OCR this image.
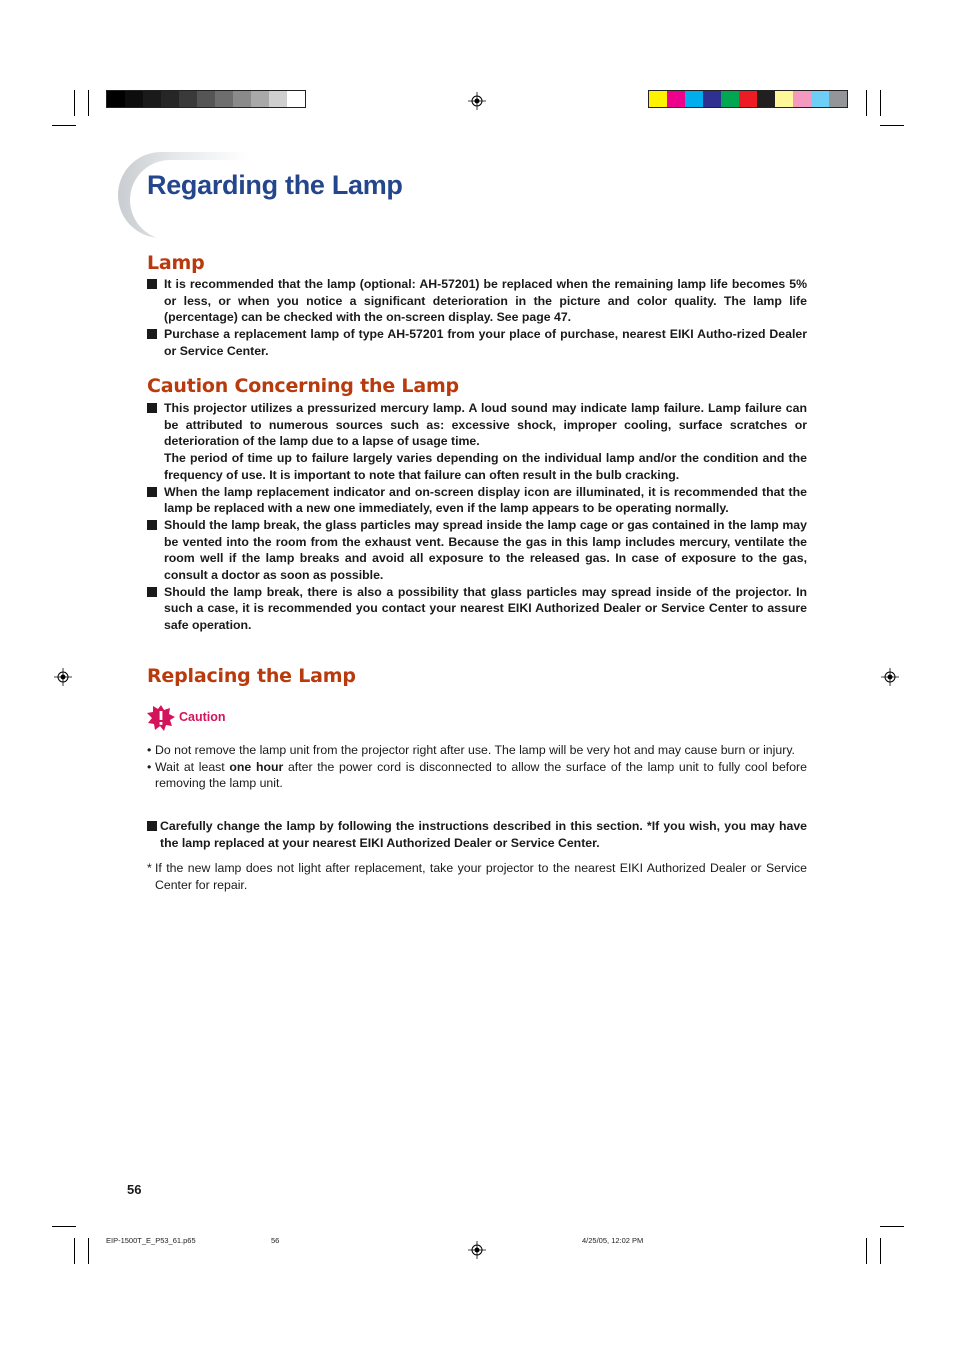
Regarding the Lamp
Lamp
It is recommended that the lamp (optional: AH-57201) be replaced when the remaining lamp life becomes 5% or less, or when you notice a significant deterioration in the picture and color quality. The lamp life (percentage) can be checked with the on-screen display. See page 47.
Purchase a replacement lamp of type AH-57201 from your place of purchase, nearest EIKI Autho-rized Dealer or Service Center.
Caution Concerning the Lamp
This projector utilizes a pressurized mercury lamp. A loud sound may indicate lamp failure. Lamp failure can be attributed to numerous sources such as: excessive shock, improper cooling, surface scratches or deterioration of the lamp due to a lapse of usage time.
The period of time up to failure largely varies depending on the individual lamp and/or the condition and the frequency of use. It is important to note that failure can often result in the bulb cracking.
When the lamp replacement indicator and on-screen display icon are illuminated, it is recommended that the lamp be replaced with a new one immediately, even if the lamp appears to be operating normally.
Should the lamp break, the glass particles may spread inside the lamp cage or gas contained in the lamp may be vented into the room from the exhaust vent. Because the gas in this lamp includes mercury, ventilate the room well if the lamp breaks and avoid all exposure to the released gas. In case of exposure to the gas, consult a doctor as soon as possible.
Should the lamp break, there is also a possibility that glass particles may spread inside of the projector. In such a case, it is recommended you contact your nearest EIKI Authorized Dealer or Service Center to assure safe operation.
Replacing the Lamp
Caution
• Do not remove the lamp unit from the projector right after use. The lamp will be very hot and may cause burn or injury.
• Wait at least one hour after the power cord is disconnected to allow the surface of the lamp unit to fully cool before removing the lamp unit.
Carefully change the lamp by following the instructions described in this section. *If you wish, you may have the lamp replaced at your nearest EIKI Authorized Dealer or Service Center.
* If the new lamp does not light after replacement, take your projector to the nearest EIKI Authorized Dealer or Service Center for repair.
56
EIP-1500T_E_P53_61.p65	56	4/25/05, 12:02 PM
